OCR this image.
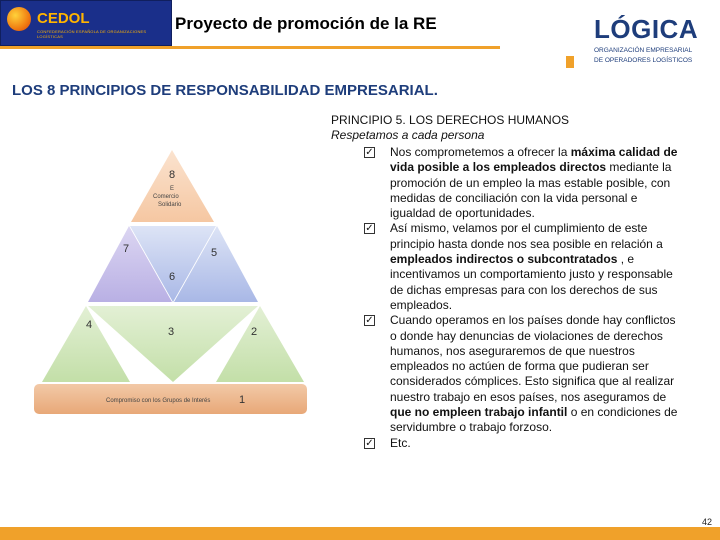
CEDOL
CONFEDERACIÓN ESPAÑOLA DE ORGANIZACIONES LOGÍSTICAS
Proyecto de promoción de la RE	LÓGICA
ORGANIZACIÓN EMPRESARIAL
DE OPERADORES LOGÍSTICOS
LOS 8 PRINCIPIOS DE RESPONSABILIDAD EMPRESARIAL.
8
E
Comercio
Solidario
7
6
5
4
3	2
Compromiso con los Grupos de Interés	1
PRINCIPIO 5. LOS DERECHOS HUMANOS
Respetamos a cada persona
✓ Nos comprometemos a ofrecer la máxima calidad de vida posible a los empleados directos mediante la promoción de un empleo la mas estable posible, con medidas de conciliación con la vida personal e igualdad de oportunidades.
✓ Así mismo, velamos por el cumplimiento de este principio hasta donde nos sea posible en relación a empleados indirectos o subcontratados , e incentivamos un comportamiento justo y responsable de dichas empresas para con los derechos de sus empleados.
✓ Cuando operamos en los países donde hay conflictos o donde hay denuncias de violaciones de derechos humanos, nos aseguraremos de que nuestros empleados no actúen de forma que pudieran ser considerados cómplices. Esto significa que al realizar nuestro trabajo en esos países, nos aseguramos de que no empleen trabajo infantil o en condiciones de servidumbre o trabajo forzoso.
✓ Etc.
42
